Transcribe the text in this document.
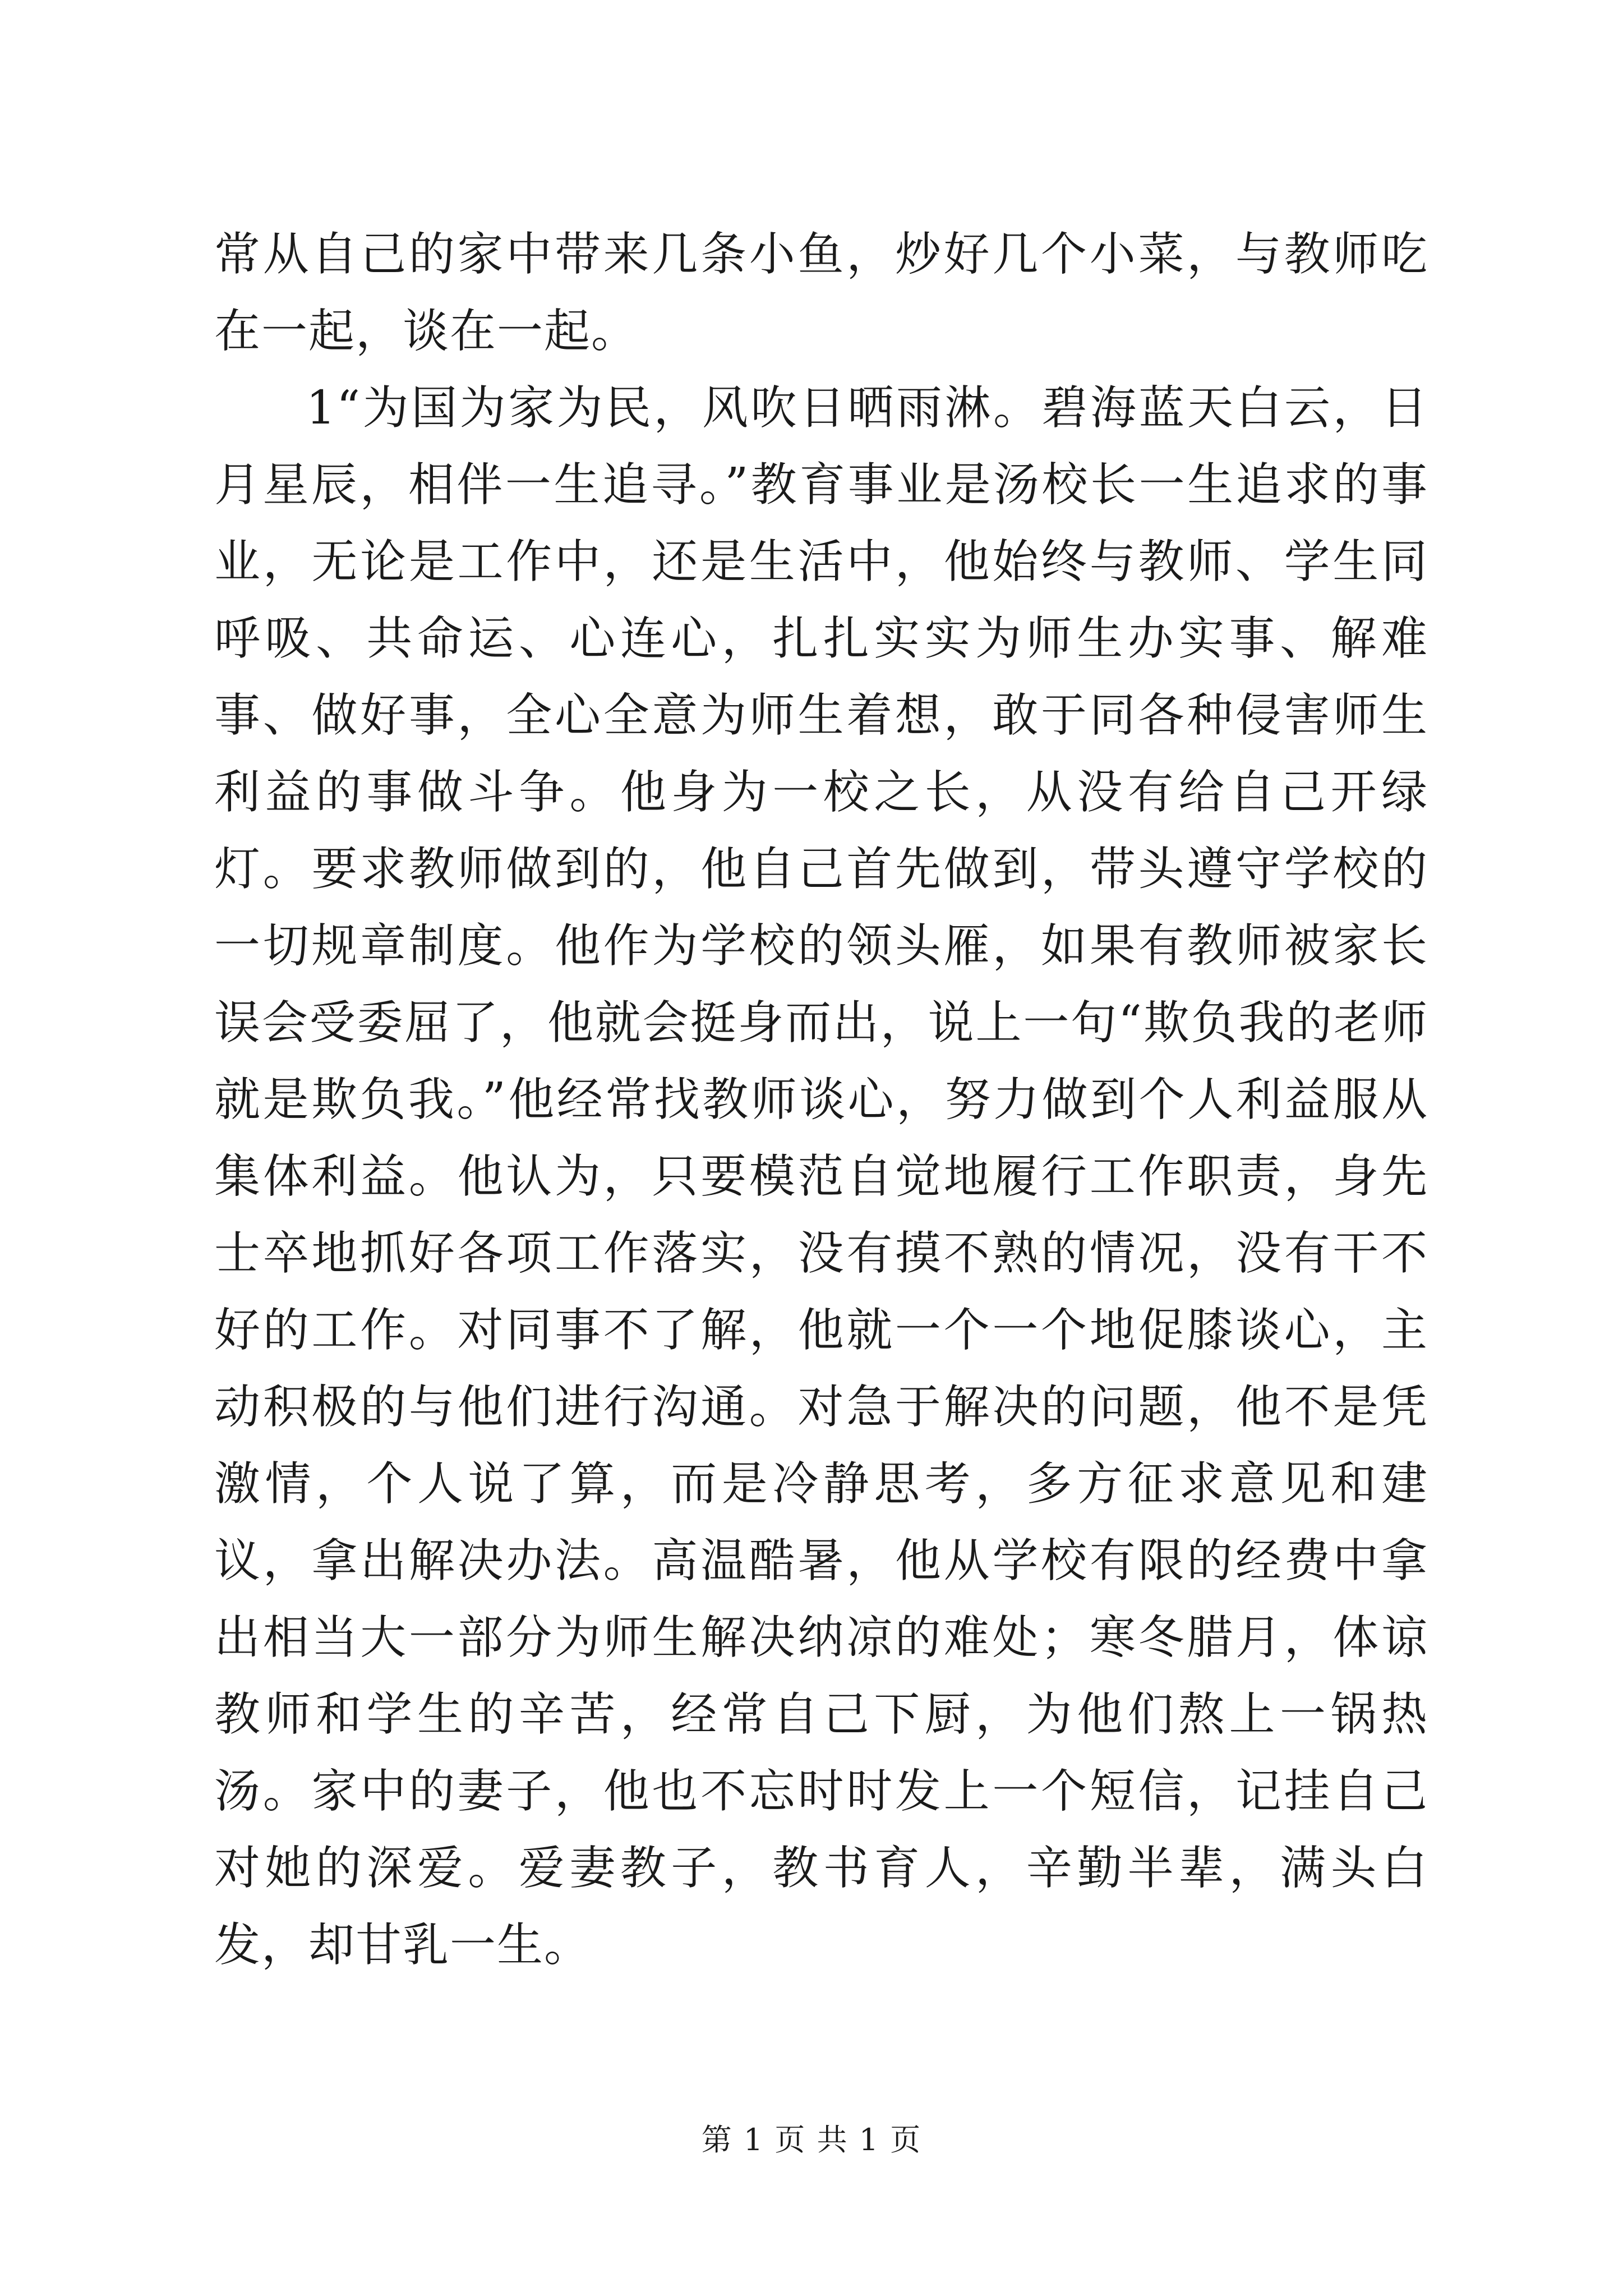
常从自己的家中带来几条小鱼，炒好几个小菜，与教师吃在一起，谈在一起。

1“为国为家为民，风吹日晒雨淋。碧海蓝天白云，日月星辰，相伴一生追寻。”教育事业是汤校长一生追求的事业，无论是工作中，还是生活中，他始终与教师、学生同呼吸、共命运、心连心，扎扎实实为师生办实事、解难事、做好事，全心全意为师生着想，敢于同各种侵害师生利益的事做斗争。他身为一校之长，从没有给自己开绿灯。要求教师做到的，他自己首先做到，带头遵守学校的一切规章制度。他作为学校的领头雁，如果有教师被家长误会受委屈了，他就会挺身而出，说上一句“欺负我的老师就是欺负我。”他经常找教师谈心，努力做到个人利益服从集体利益。他认为，只要模范自觉地履行工作职责，身先士卒地抓好各项工作落实，没有摸不熟的情况，没有干不好的工作。对同事不了解，他就一个一个地促膝谈心，主动积极的与他们进行沟通。对急于解决的问题，他不是凭激情，个人说了算，而是冷静思考，多方征求意见和建议，拿出解决办法。高温酷暑，他从学校有限的经费中拿出相当大一部分为师生解决纳凉的难处；寒冬腊月，体谅教师和学生的辛苦，经常自己下厨，为他们熬上一锅热汤。家中的妻子，他也不忘时时发上一个短信，记挂自己对她的深爱。爱妻教子，教书育人，辛勤半辈，满头白发，却甘乳一生。

第 1 页 共 1 页
